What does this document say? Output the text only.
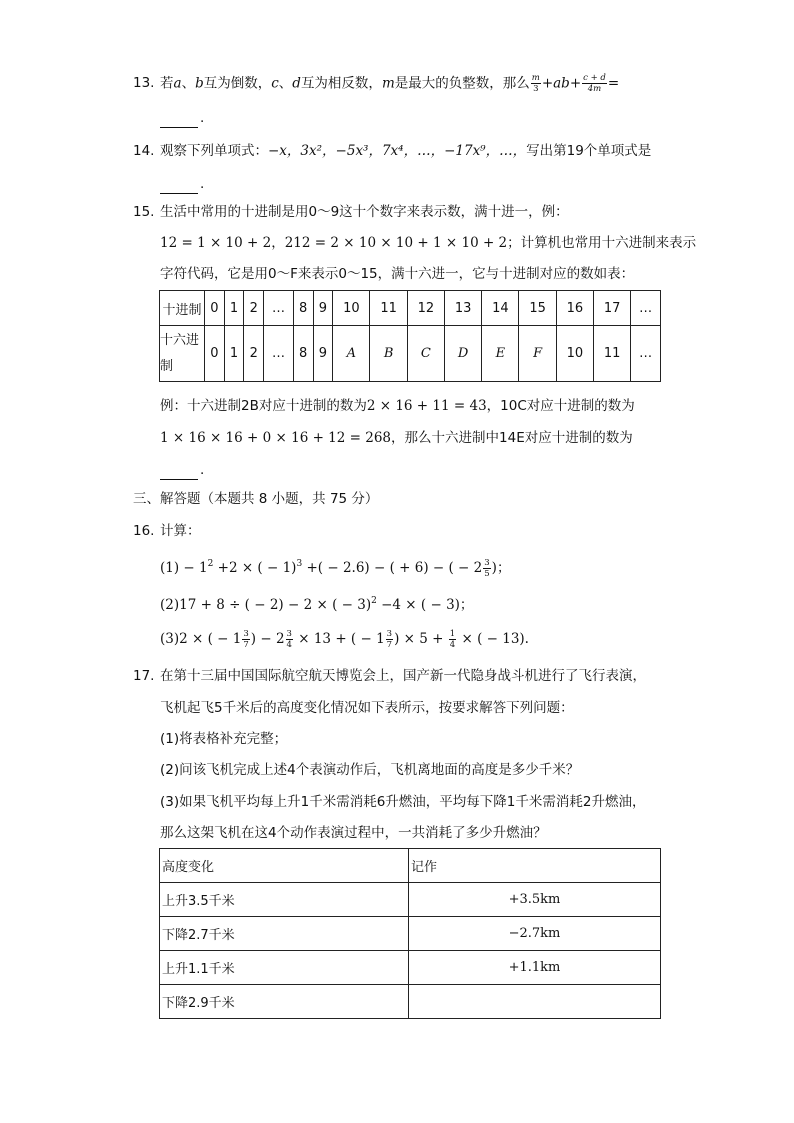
13. 若a、b互为倒数，c、d互为相反数，m是最大的负整数，那么 $\frac{m}{3} +ab+ \frac{c + d}{4m}$ =
.
14. 观察下列单项式：−x，3x²，−5x³，7x⁴，…，−17x⁹，…，写出第19个单项式是
.
15. 生活中常用的十进制是用0～9这十个数字来表示数，满十进一，例：
12 = 1 × 10 + 2，212 = 2 × 10 × 10 + 1 × 10 + 2；计算机也常用十六进制来表示
字符代码，它是用0～F来表示0～15，满十六进一，它与十进制对应的数如表：
十进制	0	1	2	…	8	9	10	11	12	13	14	15	16	17	…
十六进制	0	1	2	…	8	9	A	B	C	D	E	F	10	11	…
例：十六进制2B对应十进制的数为2 × 16 + 11 = 43，10C对应十进制的数为
1 × 16 × 16 + 0 × 16 + 12 = 268，那么十六进制中14E对应十进制的数为
.
三、解答题（本题共 8 小题，共 75 分）
16. 计算：
$(1) - 1^2 +2$ × ( − 1)$^3$ +( − 2.6) − ( + 6) − ( − $2 \frac{3}{5}$ )；
(2)17 + 8 ÷ ( − 2) − 2 × ( − 3)$^2$ −4 × ( − 3)；
(3)2 × ( − $1 \frac{3}{7}$ ) − $2 \frac{3}{4} \times 13$ + ( − $1 \frac{3}{7}$ ) × $5 + \frac{1}{4}$ × ( − 13).
17. 在第十三届中国国际航空航天博览会上，国产新一代隐身战斗机进行了飞行表演，
飞机起飞5千米后的高度变化情况如下表所示，按要求解答下列问题：
(1)将表格补充完整；
(2)问该飞机完成上述4个表演动作后，飞机离地面的高度是多少千米？
(3)如果飞机平均每上升1千米需消耗6升燃油，平均每下降1千米需消耗2升燃油，
那么这架飞机在这4个动作表演过程中，一共消耗了多少升燃油？
高度变化	记作
上升3.5千米	+3.5km
下降2.7千米	−2.7km
上升1.1千米	+1.1km
下降2.9千米	
